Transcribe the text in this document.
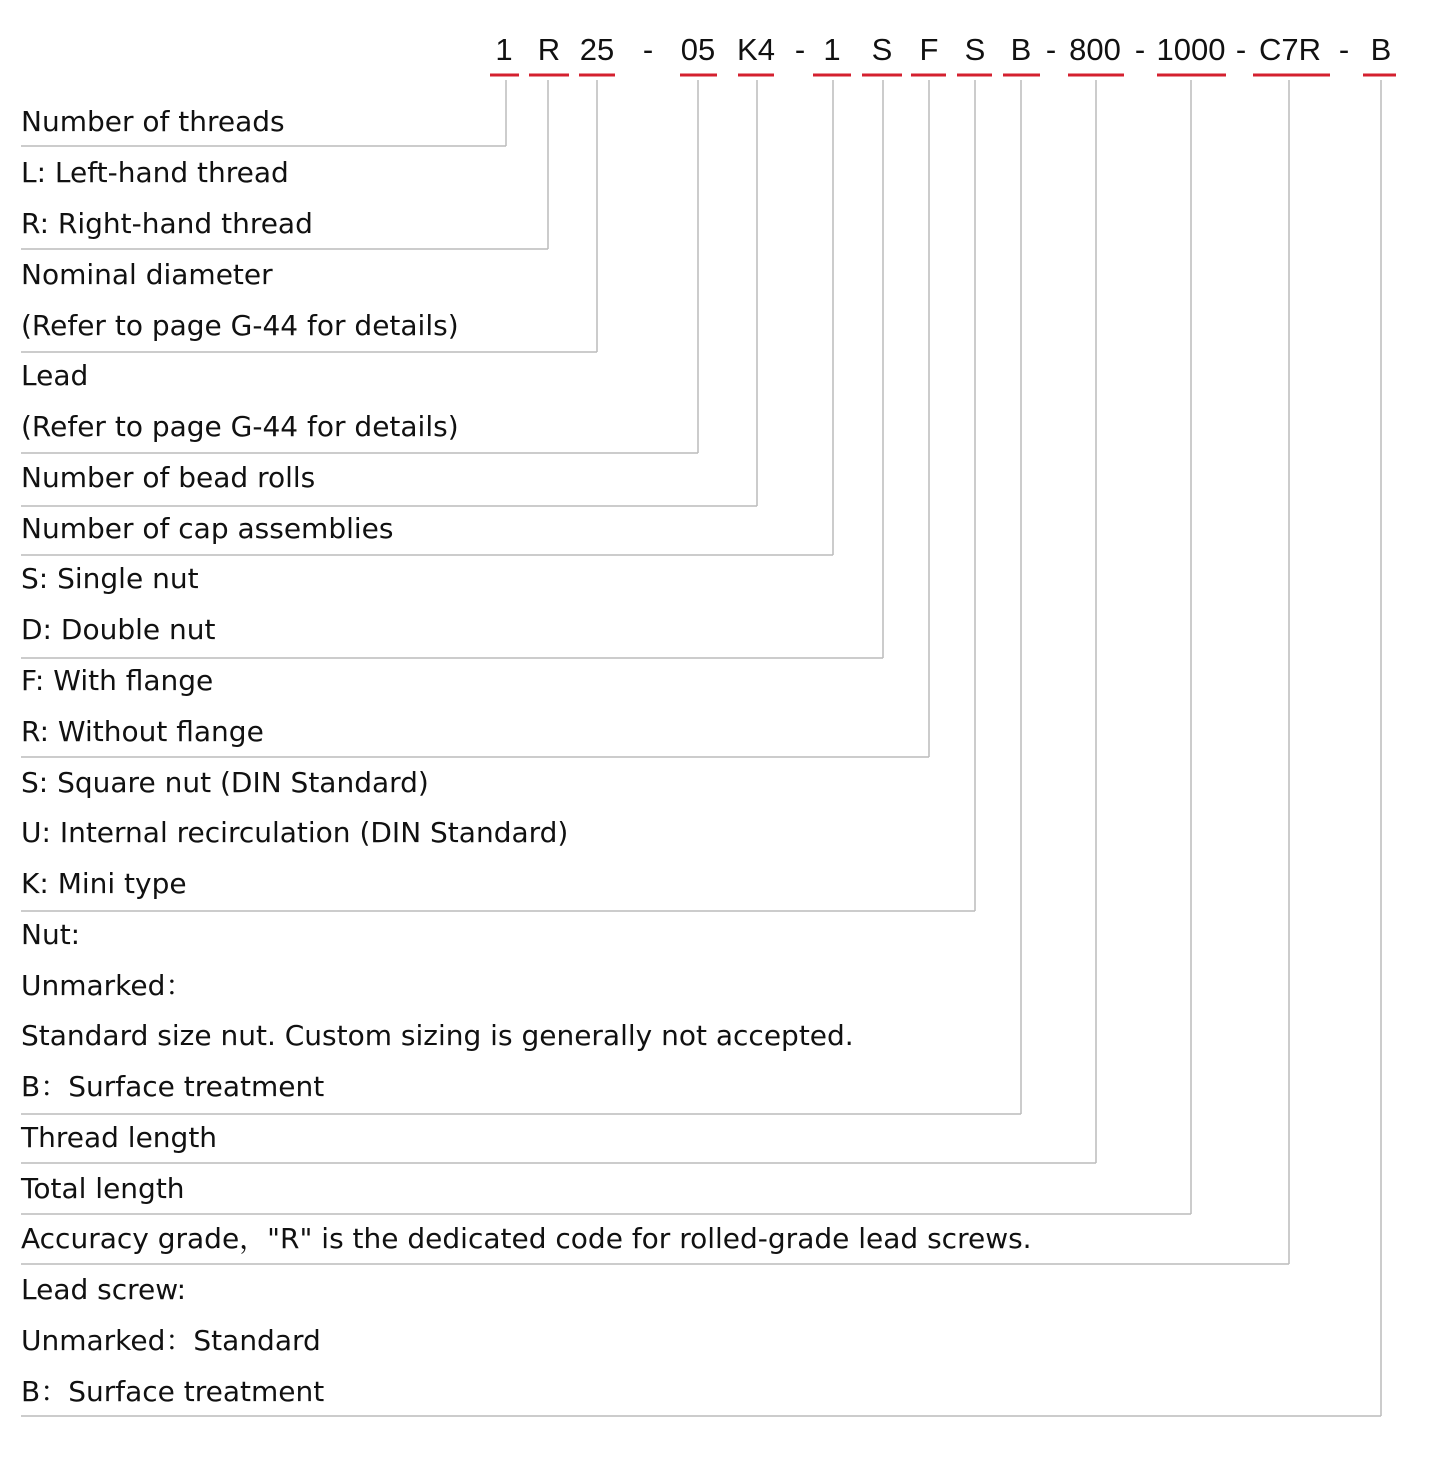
1 R 25 - 05 K4 - 1 S F S B - 800 - 1000 - C7R - B
Number of threads
L: Left-hand thread
R: Right-hand thread
Nominal diameter
(Refer to page G-44 for details)
Lead
(Refer to page G-44 for details)
Number of bead rolls
Number of cap assemblies
S: Single nut
D: Double nut
F: With flange
R: Without flange
S: Square nut (DIN Standard)
U: Internal recirculation (DIN Standard)
K: Mini type
Nut:
Unmarked：
Standard size nut. Custom sizing is generally not accepted.
B：Surface treatment
Thread length
Total length
Accuracy grade，"R" is the dedicated code for rolled-grade lead screws.
Lead screw:
Unmarked：Standard
B：Surface treatment
